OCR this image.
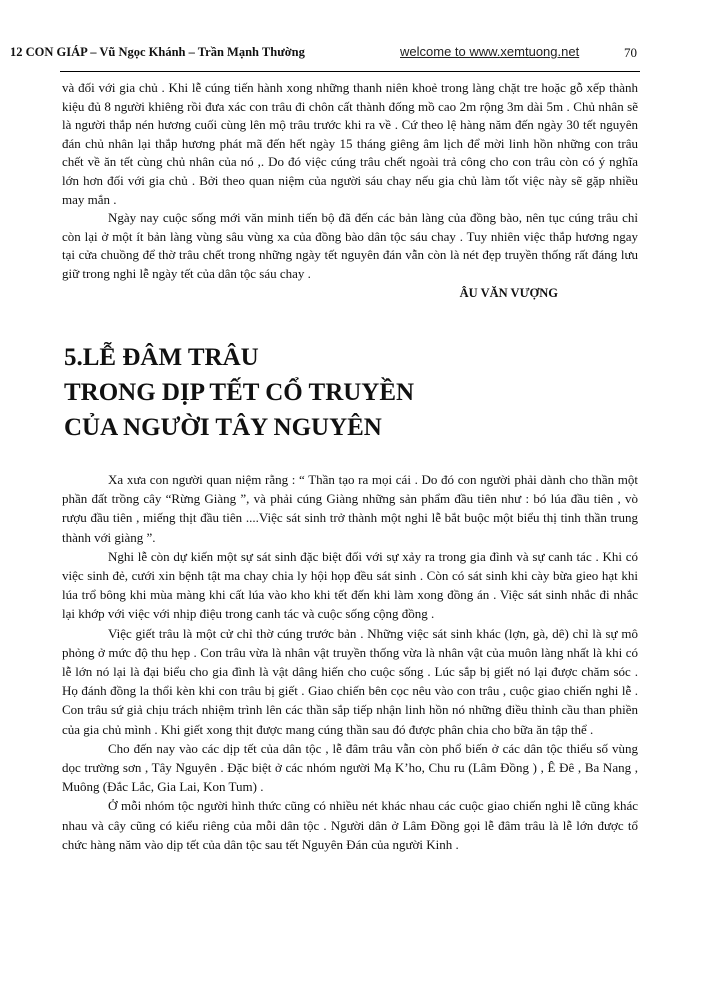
12 CON GIÁP – Vũ Ngọc Khánh – Trần Mạnh Thường	welcome to www.xemtuong.net	70

và đối với gia chủ . Khi lễ cúng tiến hành xong những thanh niên khoẻ trong làng chặt tre hoặc gỗ xếp thành kiệu đủ 8 người khiêng rồi đưa xác con trâu đi chôn cất thành đống mồ cao 2m rộng 3m dài 5m . Chủ nhân sẽ là người thắp nén hương cuối cùng lên mộ trâu trước khi ra về . Cứ theo lệ hàng năm đến ngày 30 tết nguyên đán chủ nhân lại thắp hương phát mã đến hết ngày 15 tháng giêng âm lịch để mời linh hồn những con trâu chết về ăn tết cùng chủ nhân của nó ,. Do đó việc cúng trâu chết ngoài trả công cho con trâu còn có ý nghĩa lớn hơn đối với gia chủ . Bởi theo quan niệm của người sáu chay nếu gia chủ làm tốt việc này sẽ gặp nhiều may mắn .

Ngày nay cuộc sống mới văn minh tiến bộ đã đến các bản làng của đồng bào, nên tục cúng trâu chỉ còn lại ở một ít bản làng vùng sâu vùng xa của đồng bào dân tộc sáu chay . Tuy nhiên việc thắp hương ngay tại cửa chuồng để thờ trâu chết trong những ngày tết nguyên đán vẫn còn là nét đẹp truyền thống rất đáng lưu giữ trong nghi lễ ngày tết của dân tộc sáu chay .

ÂU VĂN VƯỢNG

5.LỄ ĐÂM TRÂU
TRONG DỊP TẾT CỔ TRUYỀN
CỦA NGƯỜI TÂY NGUYÊN

Xa xưa con người quan niệm rằng : “ Thần tạo ra mọi cái . Do đó con người phải dành cho thần một phần đất trồng cây “Rừng Giàng ”, và phải cúng Giàng những sản phẩm đầu tiên như : bó lúa đầu tiên , vò rượu đầu tiên , miếng thịt đầu tiên ....Việc sát sinh trở thành một nghi lễ bắt buộc một biểu thị tinh thần trung thành với giàng ”.

Nghi lễ còn dự kiến một sự sát sinh đặc biệt đối với sự xảy ra trong gia đình và sự canh tác . Khi có việc sinh đẻ, cưới xin bệnh tật ma chay chia ly hội họp đều sát sinh . Còn có sát sinh khi cày bừa gieo hạt khi lúa trổ bông khi mùa màng khi cất lúa vào kho khi tết đến khi làm xong đồng án . Việc sát sinh nhắc đi nhắc lại khớp với việc với nhịp điệu trong canh tác và cuộc sống cộng đồng .

Việc giết trâu là một cử chỉ thờ cúng trước bản . Những việc sát sinh khác (lợn, gà, dê) chỉ là sự mô phỏng ở mức độ thu hẹp . Con trâu vừa là nhân vật truyền thống vừa là nhân vật của muôn làng nhất là khi có lễ lớn nó lại là đại biểu cho gia đình là vật dâng hiến cho cuộc sống . Lúc sắp bị giết nó lại được chăm sóc . Họ đánh đồng la thổi kèn khi con trâu bị giết . Giao chiến bên cọc nêu vào con trâu , cuộc giao chiến nghi lễ . Con trâu sứ giả chịu trách nhiệm trình lên các thần sắp tiếp nhận linh hồn nó những điều thỉnh cầu than phiền của gia chủ mình . Khi giết xong thịt được mang cúng thần sau đó được phân chia cho bữa ăn tập thể .

Cho đến nay vào các dịp tết của dân tộc , lễ đâm trâu vẫn còn phổ biến ở các dân tộc thiểu số vùng dọc trường sơn , Tây Nguyên . Đặc biệt ở các nhóm người Mạ K’ho, Chu ru (Lâm Đồng ) , Ê Đê , Ba Nang , Muông (Đắc Lắc, Gia Lai, Kon Tum) .

Ở mỗi nhóm tộc người hình thức cũng có nhiều nét khác nhau các cuộc giao chiến nghi lễ cũng khác nhau và cây cũng có kiểu riêng của mỗi dân tộc . Người dân ở Lâm Đồng gọi lễ đâm trâu là lễ lớn được tổ chức hàng năm vào dịp tết của dân tộc sau tết Nguyên Đán của người Kinh .
